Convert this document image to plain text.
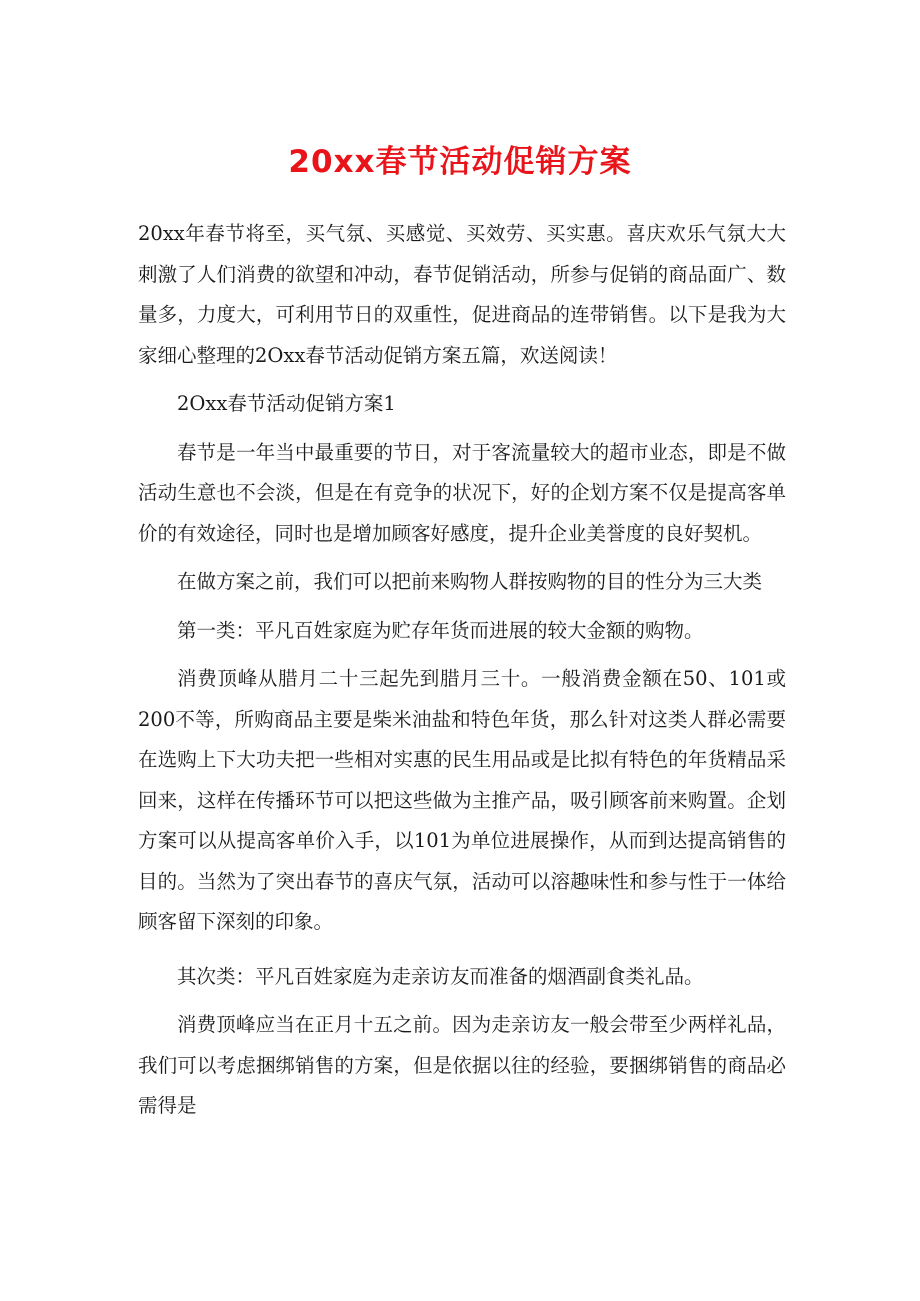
20xx春节活动促销方案

20xx年春节将至，买气氛、买感觉、买效劳、买实惠。喜庆欢乐气氛大大刺激了人们消费的欲望和冲动，春节促销活动，所参与促销的商品面广、数量多，力度大，可利用节日的双重性，促进商品的连带销售。以下是我为大家细心整理的2Oxx春节活动促销方案五篇，欢送阅读！

2Oxx春节活动促销方案1

春节是一年当中最重要的节日，对于客流量较大的超市业态，即是不做活动生意也不会淡，但是在有竞争的状况下，好的企划方案不仅是提高客单价的有效途径，同时也是增加顾客好感度，提升企业美誉度的良好契机。

在做方案之前，我们可以把前来购物人群按购物的目的性分为三大类

第一类：平凡百姓家庭为贮存年货而进展的较大金额的购物。

消费顶峰从腊月二十三起先到腊月三十。一般消费金额在50、101或200不等，所购商品主要是柴米油盐和特色年货，那么针对这类人群必需要在选购上下大功夫把一些相对实惠的民生用品或是比拟有特色的年货精品采回来，这样在传播环节可以把这些做为主推产品，吸引顾客前来购置。企划方案可以从提高客单价入手，以101为单位进展操作，从而到达提高销售的目的。当然为了突出春节的喜庆气氛，活动可以溶趣味性和参与性于一体给顾客留下深刻的印象。

其次类：平凡百姓家庭为走亲访友而准备的烟酒副食类礼品。

消费顶峰应当在正月十五之前。因为走亲访友一般会带至少两样礼品，我们可以考虑捆绑销售的方案，但是依据以往的经验，要捆绑销售的商品必需得是
